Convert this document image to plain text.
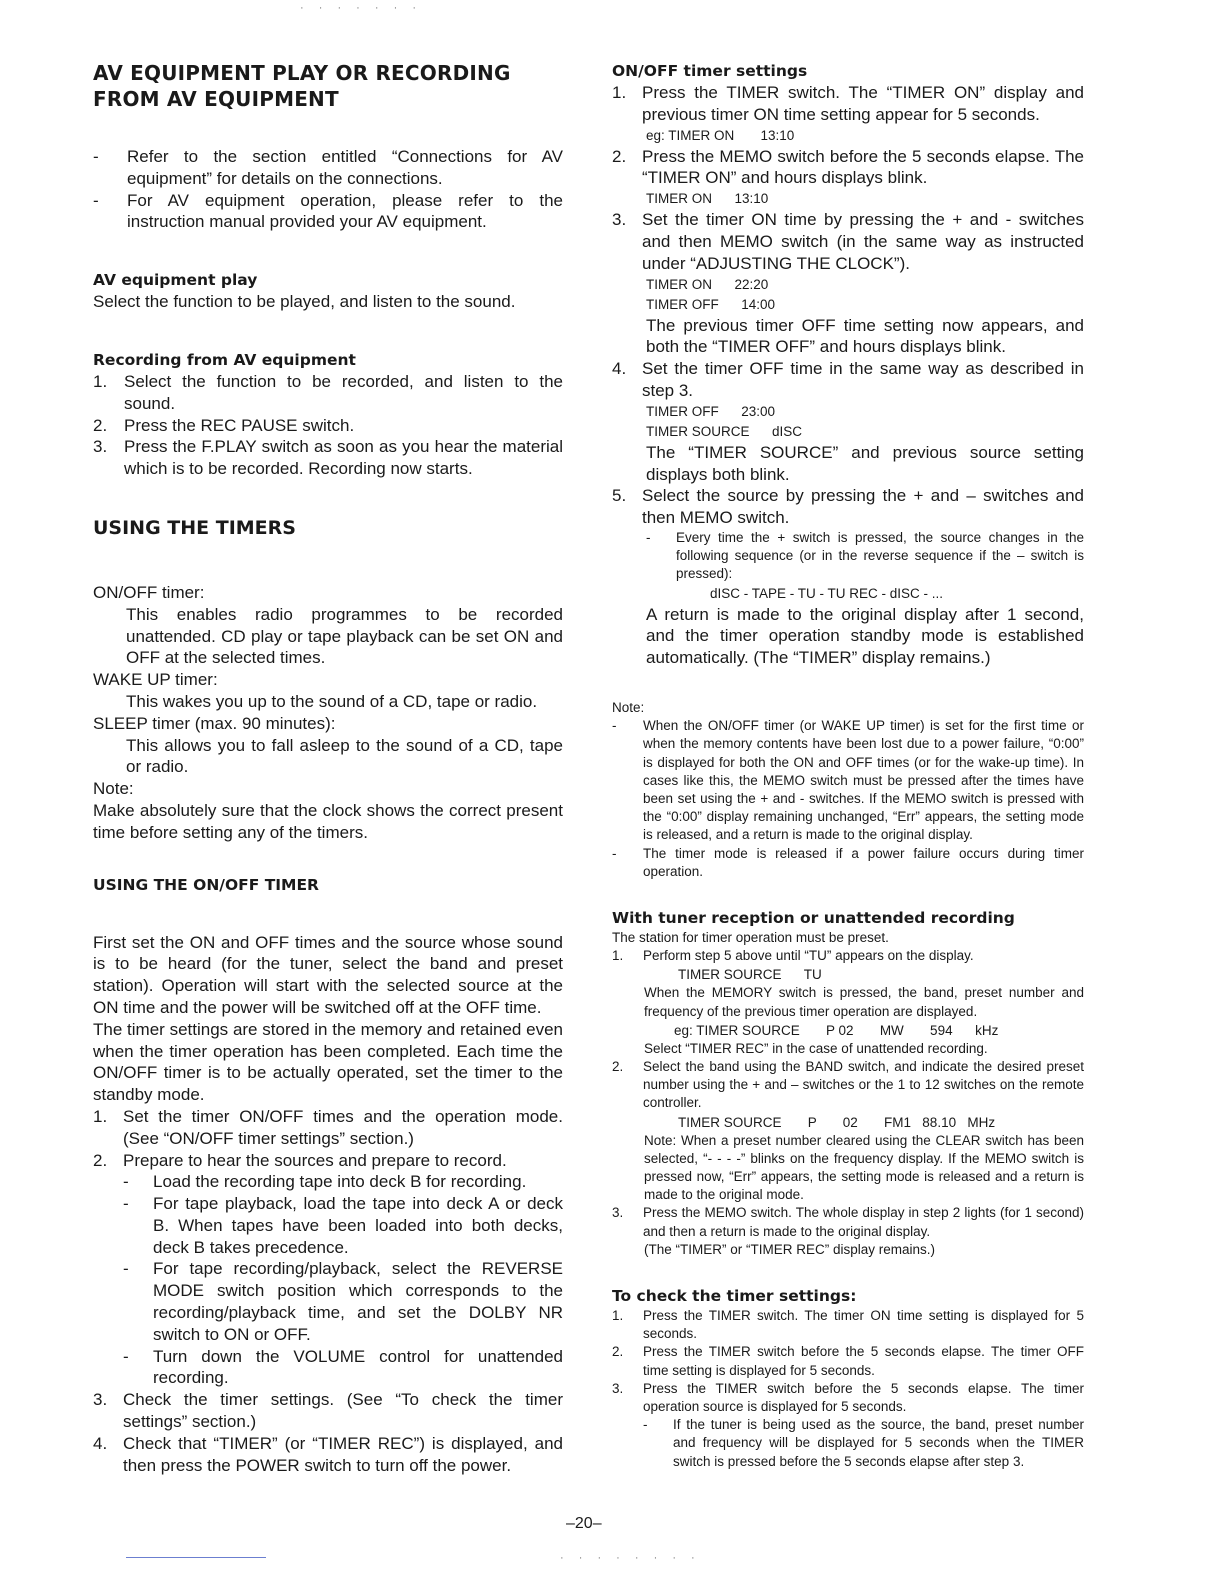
· · · · · · ·
· · · · · · · ·
AV EQUIPMENT PLAY OR RECORDING FROM AV EQUIPMENT
-	Refer to the section entitled “Connections for AV equipment” for details on the connections.
-	For AV equipment operation, please refer to the instruction manual provided your AV equipment.
AV equipment play

Select the function to be played, and listen to the sound.

Recording from AV equipment
1. Select the function to be recorded, and listen to the sound.
2. Press the REC PAUSE switch.
3. Press the F.PLAY switch as soon as you hear the material which is to be recorded. Recording now starts.
USING THE TIMERS

ON/OFF timer:

This enables radio programmes to be recorded unattended. CD play or tape playback can be set ON and OFF at the selected times.

WAKE UP timer:

This wakes you up to the sound of a CD, tape or radio.

SLEEP timer (max. 90 minutes):

This allows you to fall asleep to the sound of a CD, tape or radio.

Note:

Make absolutely sure that the clock shows the correct present time before setting any of the timers.

USING THE ON/OFF TIMER

First set the ON and OFF times and the source whose sound is to be heard (for the tuner, select the band and preset station). Operation will start with the selected source at the ON time and the power will be switched off at the OFF time.

The timer settings are stored in the memory and retained even when the timer operation has been completed. Each time the ON/OFF timer is to be actually operated, set the timer to the standby mode.

1. Set the timer ON/OFF times and the operation mode. (See “ON/OFF timer settings” section.)
2. Prepare to hear the sources and prepare to record.
-	Load the recording tape into deck B for recording.
-	For tape playback, load the tape into deck A or deck B. When tapes have been loaded into both decks, deck B takes precedence.
-	For tape recording/playback, select the REVERSE MODE switch position which corresponds to the recording/playback time, and set the DOLBY NR switch to ON or OFF.
-	Turn down the VOLUME control for unattended recording.
3. Check the timer settings. (See “To check the timer settings” section.)
4. Check that “TIMER” (or “TIMER REC”) is displayed, and then press the POWER switch to turn off the power.
ON/OFF timer settings
1. Press the TIMER switch. The “TIMER ON” display and previous timer ON time setting appear for 5 seconds.
eg: TIMER ON       13:10
2. Press the MEMO switch before the 5 seconds elapse. The “TIMER ON” and hours displays blink.
TIMER ON      13:10
3. Set the timer ON time by pressing the + and - switches and then MEMO switch (in the same way as instructed under “ADJUSTING THE CLOCK”).
TIMER ON      22:20
TIMER OFF      14:00

The previous timer OFF time setting now appears, and both the “TIMER OFF” and hours displays blink.

4. Set the timer OFF time in the same way as described in step 3.
TIMER OFF      23:00
TIMER SOURCE      dISC

The “TIMER SOURCE” and previous source setting displays both blink.

5. Select the source by pressing the + and – switches and then MEMO switch.
-	Every time the + switch is pressed, the source changes in the following sequence (or in the reverse sequence if the – switch is pressed):
dISC - TAPE - TU - TU REC - dISC - ...

A return is made to the original display after 1 second, and the timer operation standby mode is established automatically. (The “TIMER” display remains.)

Note:

-	When the ON/OFF timer (or WAKE UP timer) is set for the first time or when the memory contents have been lost due to a power failure, “0:00” is displayed for both the ON and OFF times (or for the wake-up time). In cases like this, the MEMO switch must be pressed after the times have been set using the + and - switches. If the MEMO switch is pressed with the “0:00” display remaining unchanged, “Err” appears, the setting mode is released, and a return is made to the original display.
-	The timer mode is released if a power failure occurs during timer operation.
With tuner reception or unattended recording

The station for timer operation must be preset.

1.	Perform step 5 above until “TU” appears on the display.
TIMER SOURCE      TU

When the MEMORY switch is pressed, the band, preset number and frequency of the previous timer operation are displayed.

eg: TIMER SOURCE       P 02       MW       594      kHz

Select “TIMER REC” in the case of unattended recording.

2.	Select the band using the BAND switch, and indicate the desired preset number using the + and – switches or the 1 to 12 switches on the remote controller.
TIMER SOURCE       P       02       FM1   88.10   MHz

Note: When a preset number cleared using the CLEAR switch has been selected, “- - - -” blinks on the frequency display. If the MEMO switch is pressed now, “Err” appears, the setting mode is released and a return is made to the original mode.

3.	Press the MEMO switch. The whole display in step 2 lights (for 1 second) and then a return is made to the original display.

(The “TIMER” or “TIMER REC” display remains.)

To check the timer settings:
1.	Press the TIMER switch. The timer ON time setting is displayed for 5 seconds.
2.	Press the TIMER switch before the 5 seconds elapse. The timer OFF time setting is displayed for 5 seconds.
3.	Press the TIMER switch before the 5 seconds elapse. The timer operation source is displayed for 5 seconds.
-	If the tuner is being used as the source, the band, preset number and frequency will be displayed for 5 seconds when the TIMER switch is pressed before the 5 seconds elapse after step 3.
–20–
